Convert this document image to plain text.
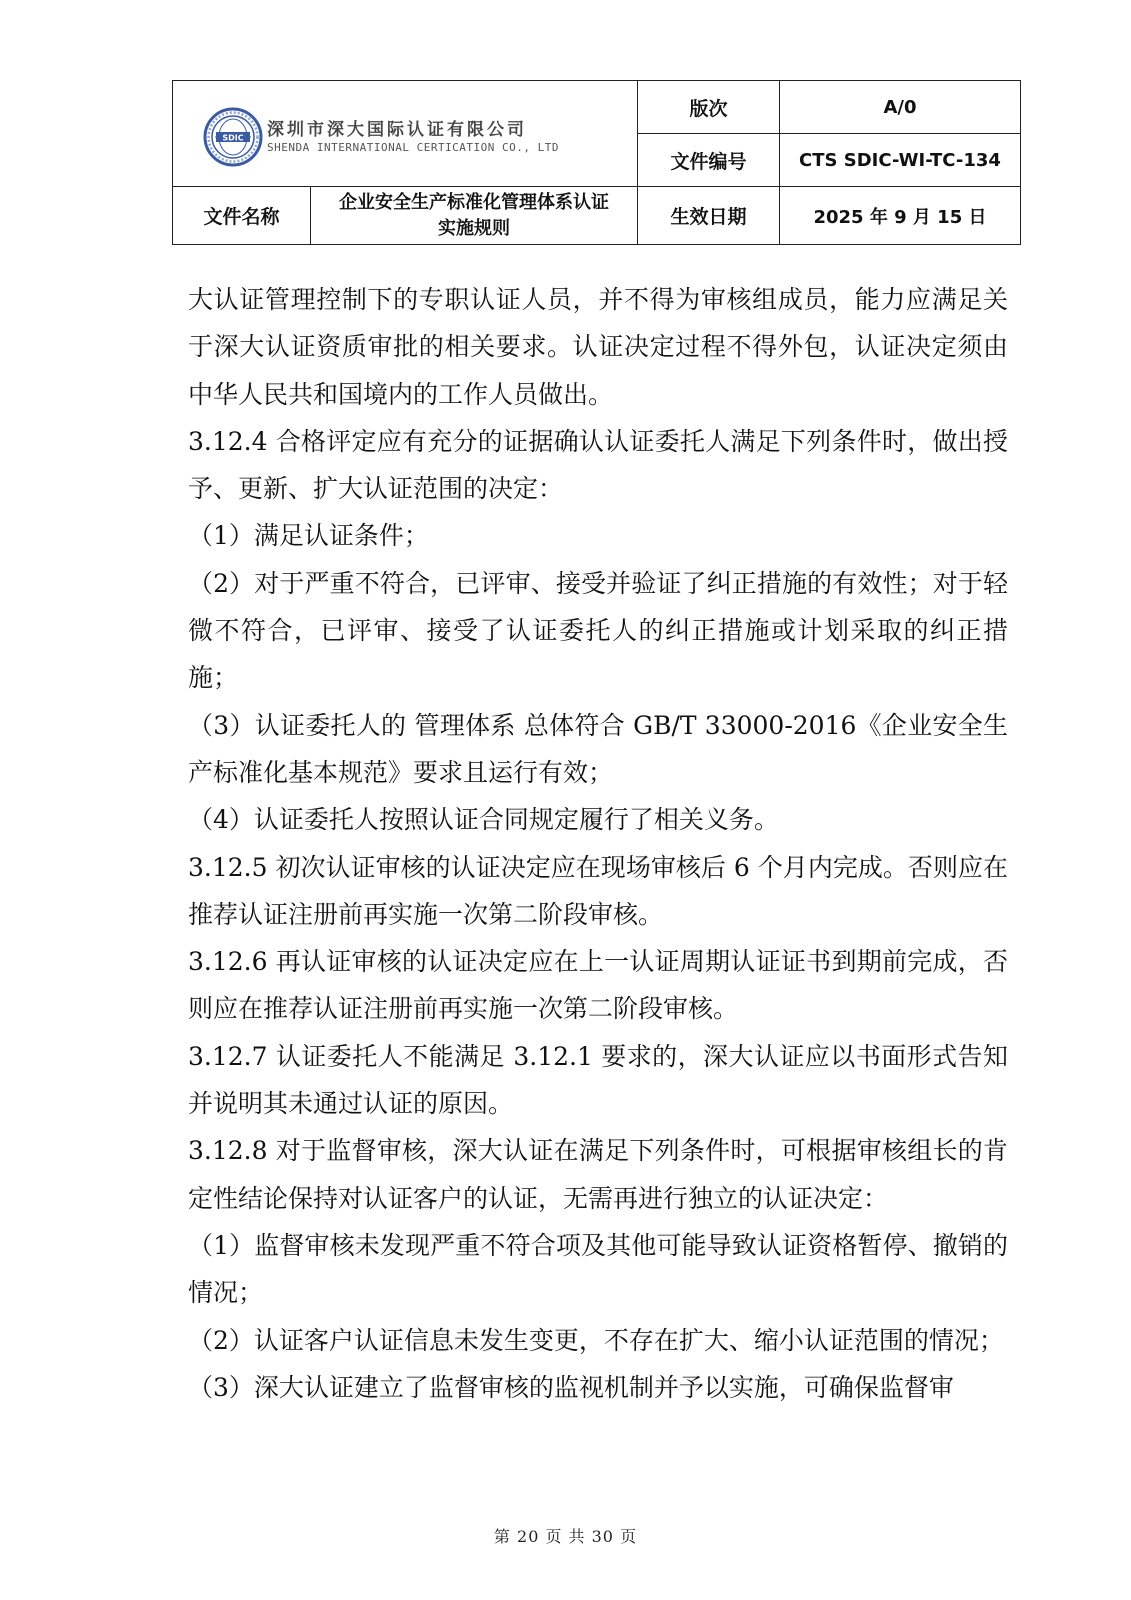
SDIC 深圳市深大国际认证有限公司
SHENDA INTERNATIONAL CERTICATION CO., LTD		版次	A/0
		文件编号	CTS SDIC-WI-TC-134
文件名称	企业安全生产标准化管理体系认证实施规则	生效日期	2025 年 9 月 15 日

大认证管理控制下的专职认证人员，并不得为审核组成员，能力应满足关于深大认证资质审批的相关要求。认证决定过程不得外包，认证决定须由中华人民共和国境内的工作人员做出。

3.12.4 合格评定应有充分的证据确认认证委托人满足下列条件时，做出授予、更新、扩大认证范围的决定：

（1）满足认证条件；

（2）对于严重不符合，已评审、接受并验证了纠正措施的有效性；对于轻微不符合，已评审、接受了认证委托人的纠正措施或计划采取的纠正措施；

（3）认证委托人的 管理体系 总体符合 GB/T 33000-2016《企业安全生产标准化基本规范》要求且运行有效；

（4）认证委托人按照认证合同规定履行了相关义务。

3.12.5 初次认证审核的认证决定应在现场审核后 6 个月内完成。否则应在推荐认证注册前再实施一次第二阶段审核。

3.12.6 再认证审核的认证决定应在上一认证周期认证证书到期前完成，否则应在推荐认证注册前再实施一次第二阶段审核。

3.12.7 认证委托人不能满足 3.12.1 要求的，深大认证应以书面形式告知并说明其未通过认证的原因。

3.12.8 对于监督审核，深大认证在满足下列条件时，可根据审核组长的肯定性结论保持对认证客户的认证，无需再进行独立的认证决定：

（1）监督审核未发现严重不符合项及其他可能导致认证资格暂停、撤销的情况；

（2）认证客户认证信息未发生变更，不存在扩大、缩小认证范围的情况；

（3）深大认证建立了监督审核的监视机制并予以实施，可确保监督审

第 20 页 共 30 页
